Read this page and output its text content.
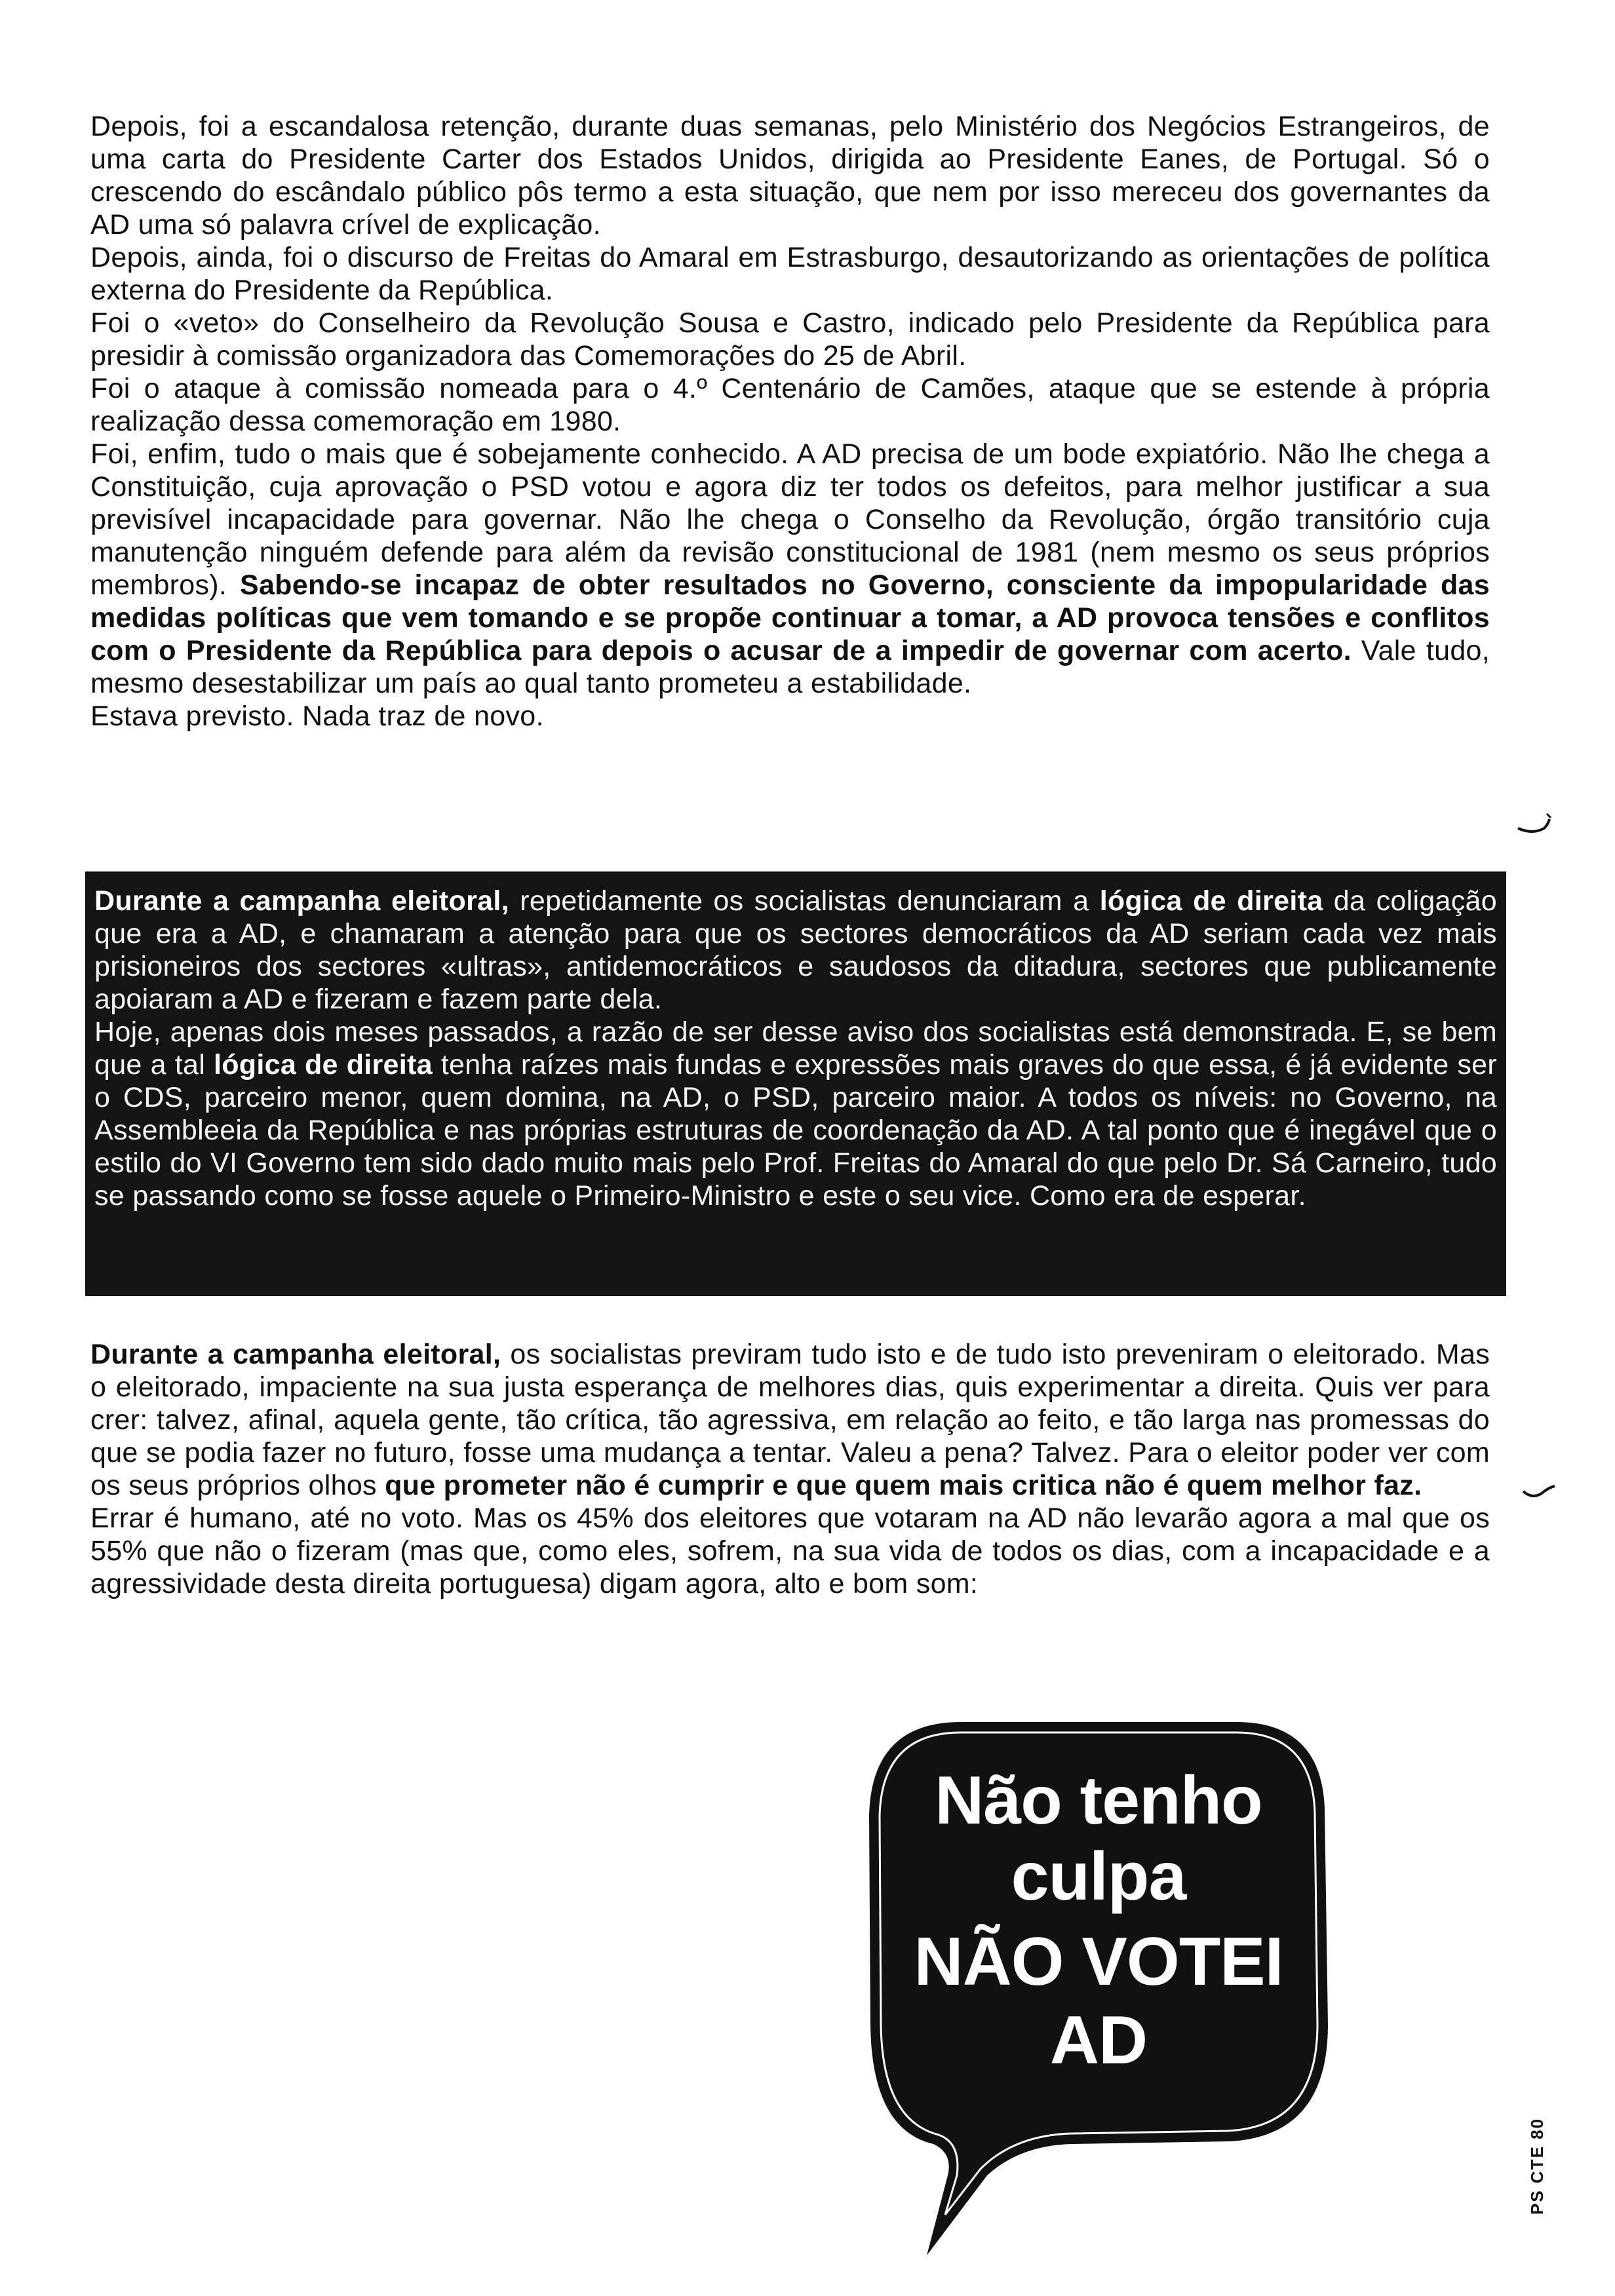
Depois, foi a escandalosa retenção, durante duas semanas, pelo Ministério dos Negócios Estrangeiros, de uma carta do Presidente Carter dos Estados Unidos, dirigida ao Presidente Eanes, de Portugal. Só o crescendo do escândalo público pôs termo a esta situação, que nem por isso mereceu dos governantes da AD uma só palavra crível de explicação.

Depois, ainda, foi o discurso de Freitas do Amaral em Estrasburgo, desautorizando as orientações de política externa do Presidente da República.

Foi o «veto» do Conselheiro da Revolução Sousa e Castro, indicado pelo Presidente da República para presidir à comissão organizadora das Comemorações do 25 de Abril.

Foi o ataque à comissão nomeada para o 4.º Centenário de Camões, ataque que se estende à própria realização dessa comemoração em 1980.

Foi, enfim, tudo o mais que é sobejamente conhecido. A AD precisa de um bode expiatório. Não lhe chega a Constituição, cuja aprovação o PSD votou e agora diz ter todos os defeitos, para melhor justificar a sua previsível incapacidade para governar. Não lhe chega o Conselho da Revolução, órgão transitório cuja manutenção ninguém defende para além da revisão constitucional de 1981 (nem mesmo os seus próprios membros). Sabendo-se incapaz de obter resultados no Governo, consciente da impopularidade das medidas políticas que vem tomando e se propõe continuar a tomar, a AD provoca tensões e conflitos com o Presidente da República para depois o acusar de a impedir de governar com acerto. Vale tudo, mesmo desestabilizar um país ao qual tanto prometeu a estabilidade.

Estava previsto. Nada traz de novo.

Durante a campanha eleitoral, repetidamente os socialistas denunciaram a lógica de direita da coligação que era a AD, e chamaram a atenção para que os sectores democráticos da AD seriam cada vez mais prisioneiros dos sectores «ultras», antidemocráticos e saudosos da ditadura, sectores que publicamente apoiaram a AD e fizeram e fazem parte dela.

Hoje, apenas dois meses passados, a razão de ser desse aviso dos socialistas está demonstrada. E, se bem que a tal lógica de direita tenha raízes mais fundas e expressões mais graves do que essa, é já evidente ser o CDS, parceiro menor, quem domina, na AD, o PSD, parceiro maior. A todos os níveis: no Governo, na Assembleeia da República e nas próprias estruturas de coordenação da AD. A tal ponto que é inegável que o estilo do VI Governo tem sido dado muito mais pelo Prof. Freitas do Amaral do que pelo Dr. Sá Carneiro, tudo se passando como se fosse aquele o Primeiro-Ministro e este o seu vice. Como era de esperar.

Durante a campanha eleitoral, os socialistas previram tudo isto e de tudo isto preveniram o eleitorado. Mas o eleitorado, impaciente na sua justa esperança de melhores dias, quis experimentar a direita. Quis ver para crer: talvez, afinal, aquela gente, tão crítica, tão agressiva, em relação ao feito, e tão larga nas promessas do que se podia fazer no futuro, fosse uma mudança a tentar. Valeu a pena? Talvez. Para o eleitor poder ver com os seus próprios olhos que prometer não é cumprir e que quem mais critica não é quem melhor faz.

Errar é humano, até no voto. Mas os 45% dos eleitores que votaram na AD não levarão agora a mal que os 55% que não o fizeram (mas que, como eles, sofrem, na sua vida de todos os dias, com a incapacidade e a agressividade desta direita portuguesa) digam agora, alto e bom som:

Não tenho
culpa
NÃO VOTEI
AD
PS CTE 80
